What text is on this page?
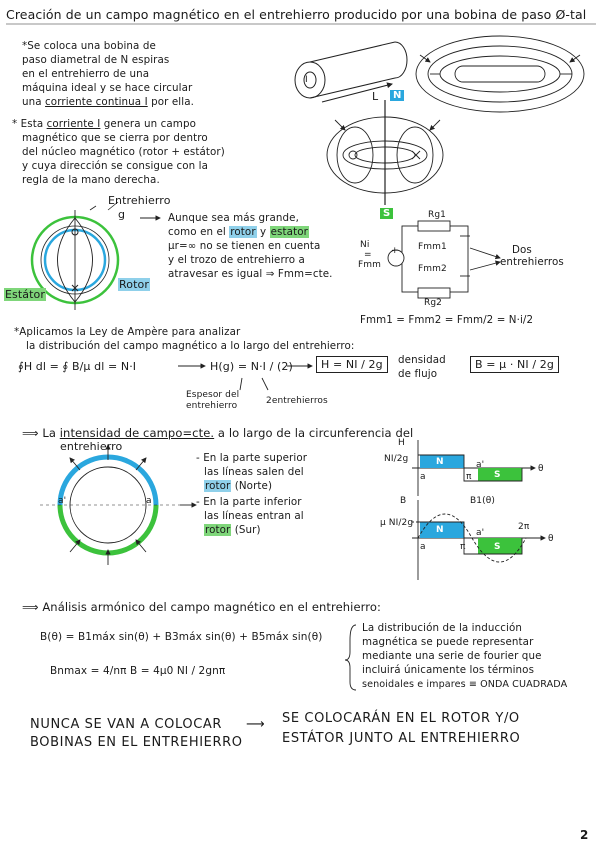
Creación de un campo magnético en el entrehierro producido por una bobina de paso Ø-tal
*Se coloca una bobina de
paso diametral de N espiras
en el entrehierro de una
máquina ideal y se hace circular
una corriente continua I por ella.
* Esta corriente I genera un campo
magnético que se cierra por dentro
del núcleo magnético (rotor + estátor)
y cuya dirección se consigue con la
regla de la mano derecha.
L
I
N
S
Entrehierro
g
Rotor
Estátor
Aunque sea más grande,
como en el rotor y estator
μr=∞ no se tienen en cuenta
y el trozo de entrehierro a
atravesar es igual ⇒ Fmm=cte.
Rg1
Rg2
Fmm1
Fmm2
Ni
=
Fmm
+	Dos
entrehierros
Fmm1 = Fmm2 = Fmm/2 = N·i/2
*Aplicamos la Ley de Ampère para analizar
la distribución del campo magnético a lo largo del entrehierro:
∮H dl = ∮ B/μ dl = N·I	H(g) = N·I / (2)	H = NI / 2g	densidad de flujo
B = μ · NI / 2g
Espesor del entrehierro	2entrehierros
⟹ La intensidad de campo=cte. a lo largo de la circunferencia del
entrehierro
- En la parte superior
las líneas salen del
rotor (Norte)
- En la parte inferior
las líneas entran al
rotor (Sur)
a
a'
H
NI/2g
θ
N
S
a	π
a'
B
μ NI/2g
B1(θ)
θ
2π
π
a
a'
N
S
⟹ Análisis armónico del campo magnético en el entrehierro:
B(θ) = B1máx sin(θ) + B3máx sin(θ) + B5máx sin(θ)
Bnmax = 4/nπ B = 4μ0 NI / 2gnπ
La distribución de la inducción
magnética se puede representar
mediante una serie de fourier que
incluirá únicamente los términos
senoidales e impares ≡ ONDA CUADRADA
NUNCA SE VAN A COLOCAR
BOBINAS EN EL ENTREHIERRO
⟶ SE COLOCARÁN EN EL ROTOR Y/O
ESTÁTOR JUNTO AL ENTREHIERRO
2
